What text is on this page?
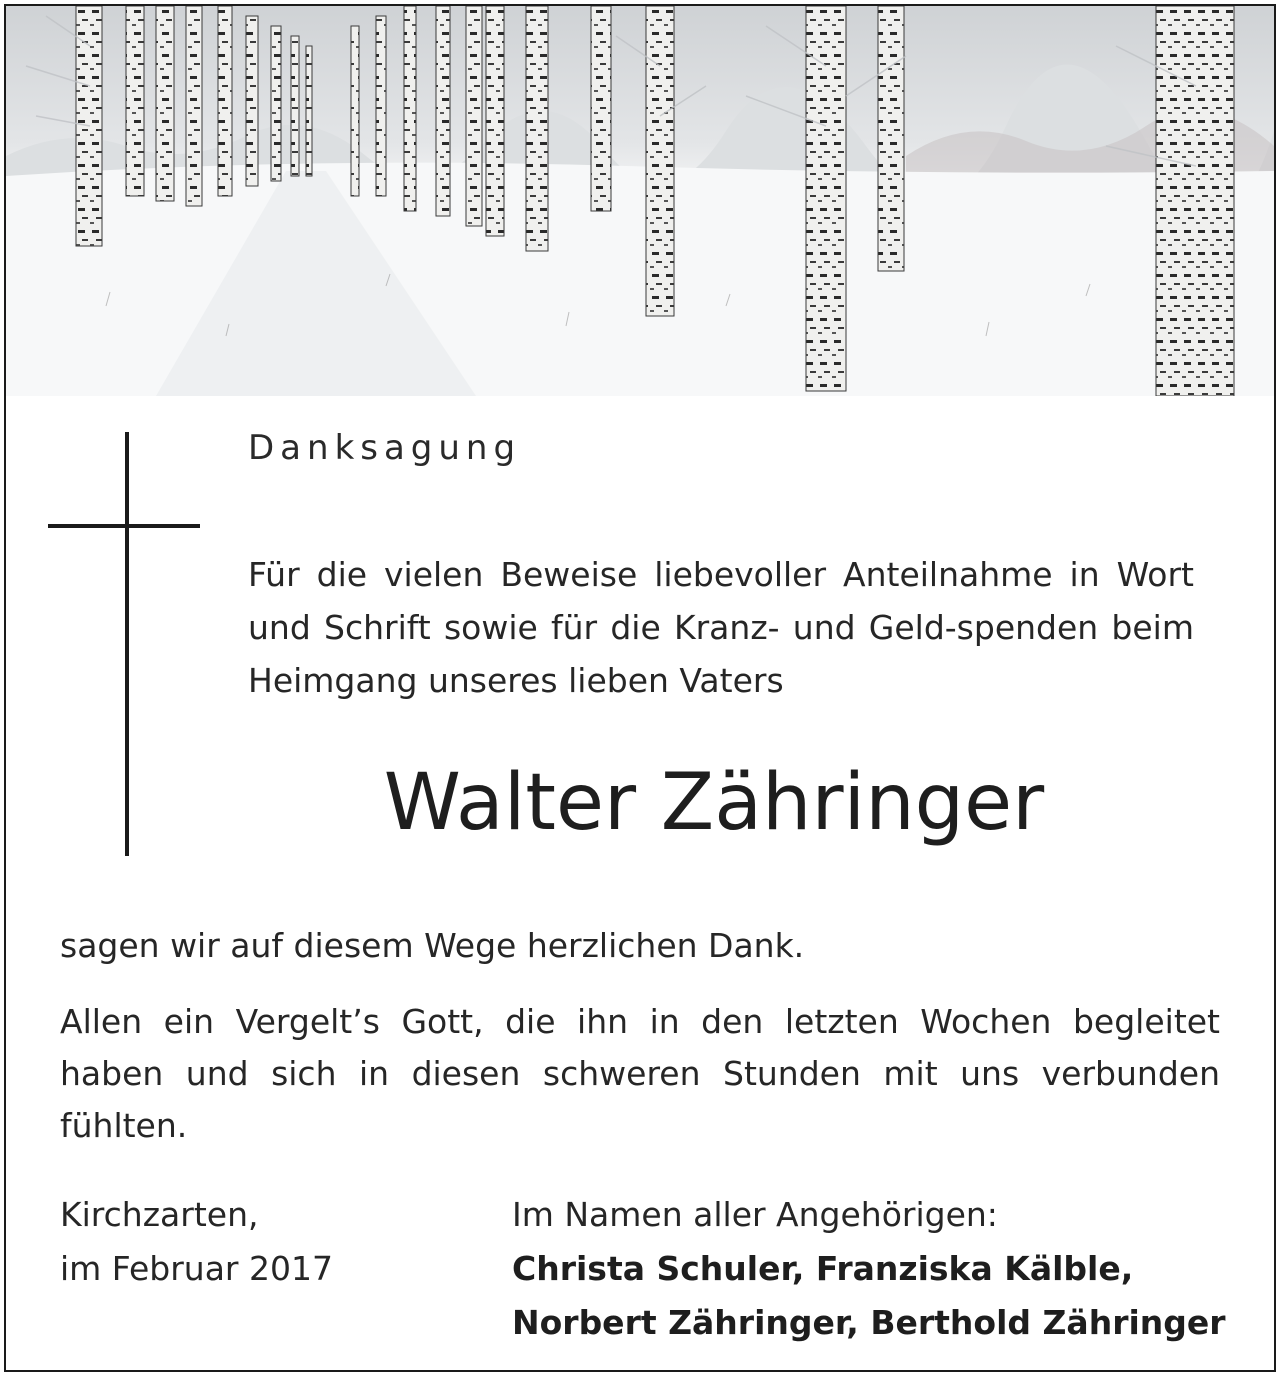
Danksagung
Für die vielen Beweise liebevoller Anteilnahme in Wort und Schrift sowie für die Kranz- und Geld-spenden beim Heimgang unseres lieben Vaters
Walter Zähringer
sagen wir auf diesem Wege herzlichen Dank.
Allen ein Vergelt’s Gott, die ihn in den letzten Wochen begleitet haben und sich in diesen schweren Stunden mit uns verbunden fühlten.
Kirchzarten,
im Februar 2017
Im Namen aller Angehörigen:
Christa Schuler, Franziska Kälble,
Norbert Zähringer, Berthold Zähringer
